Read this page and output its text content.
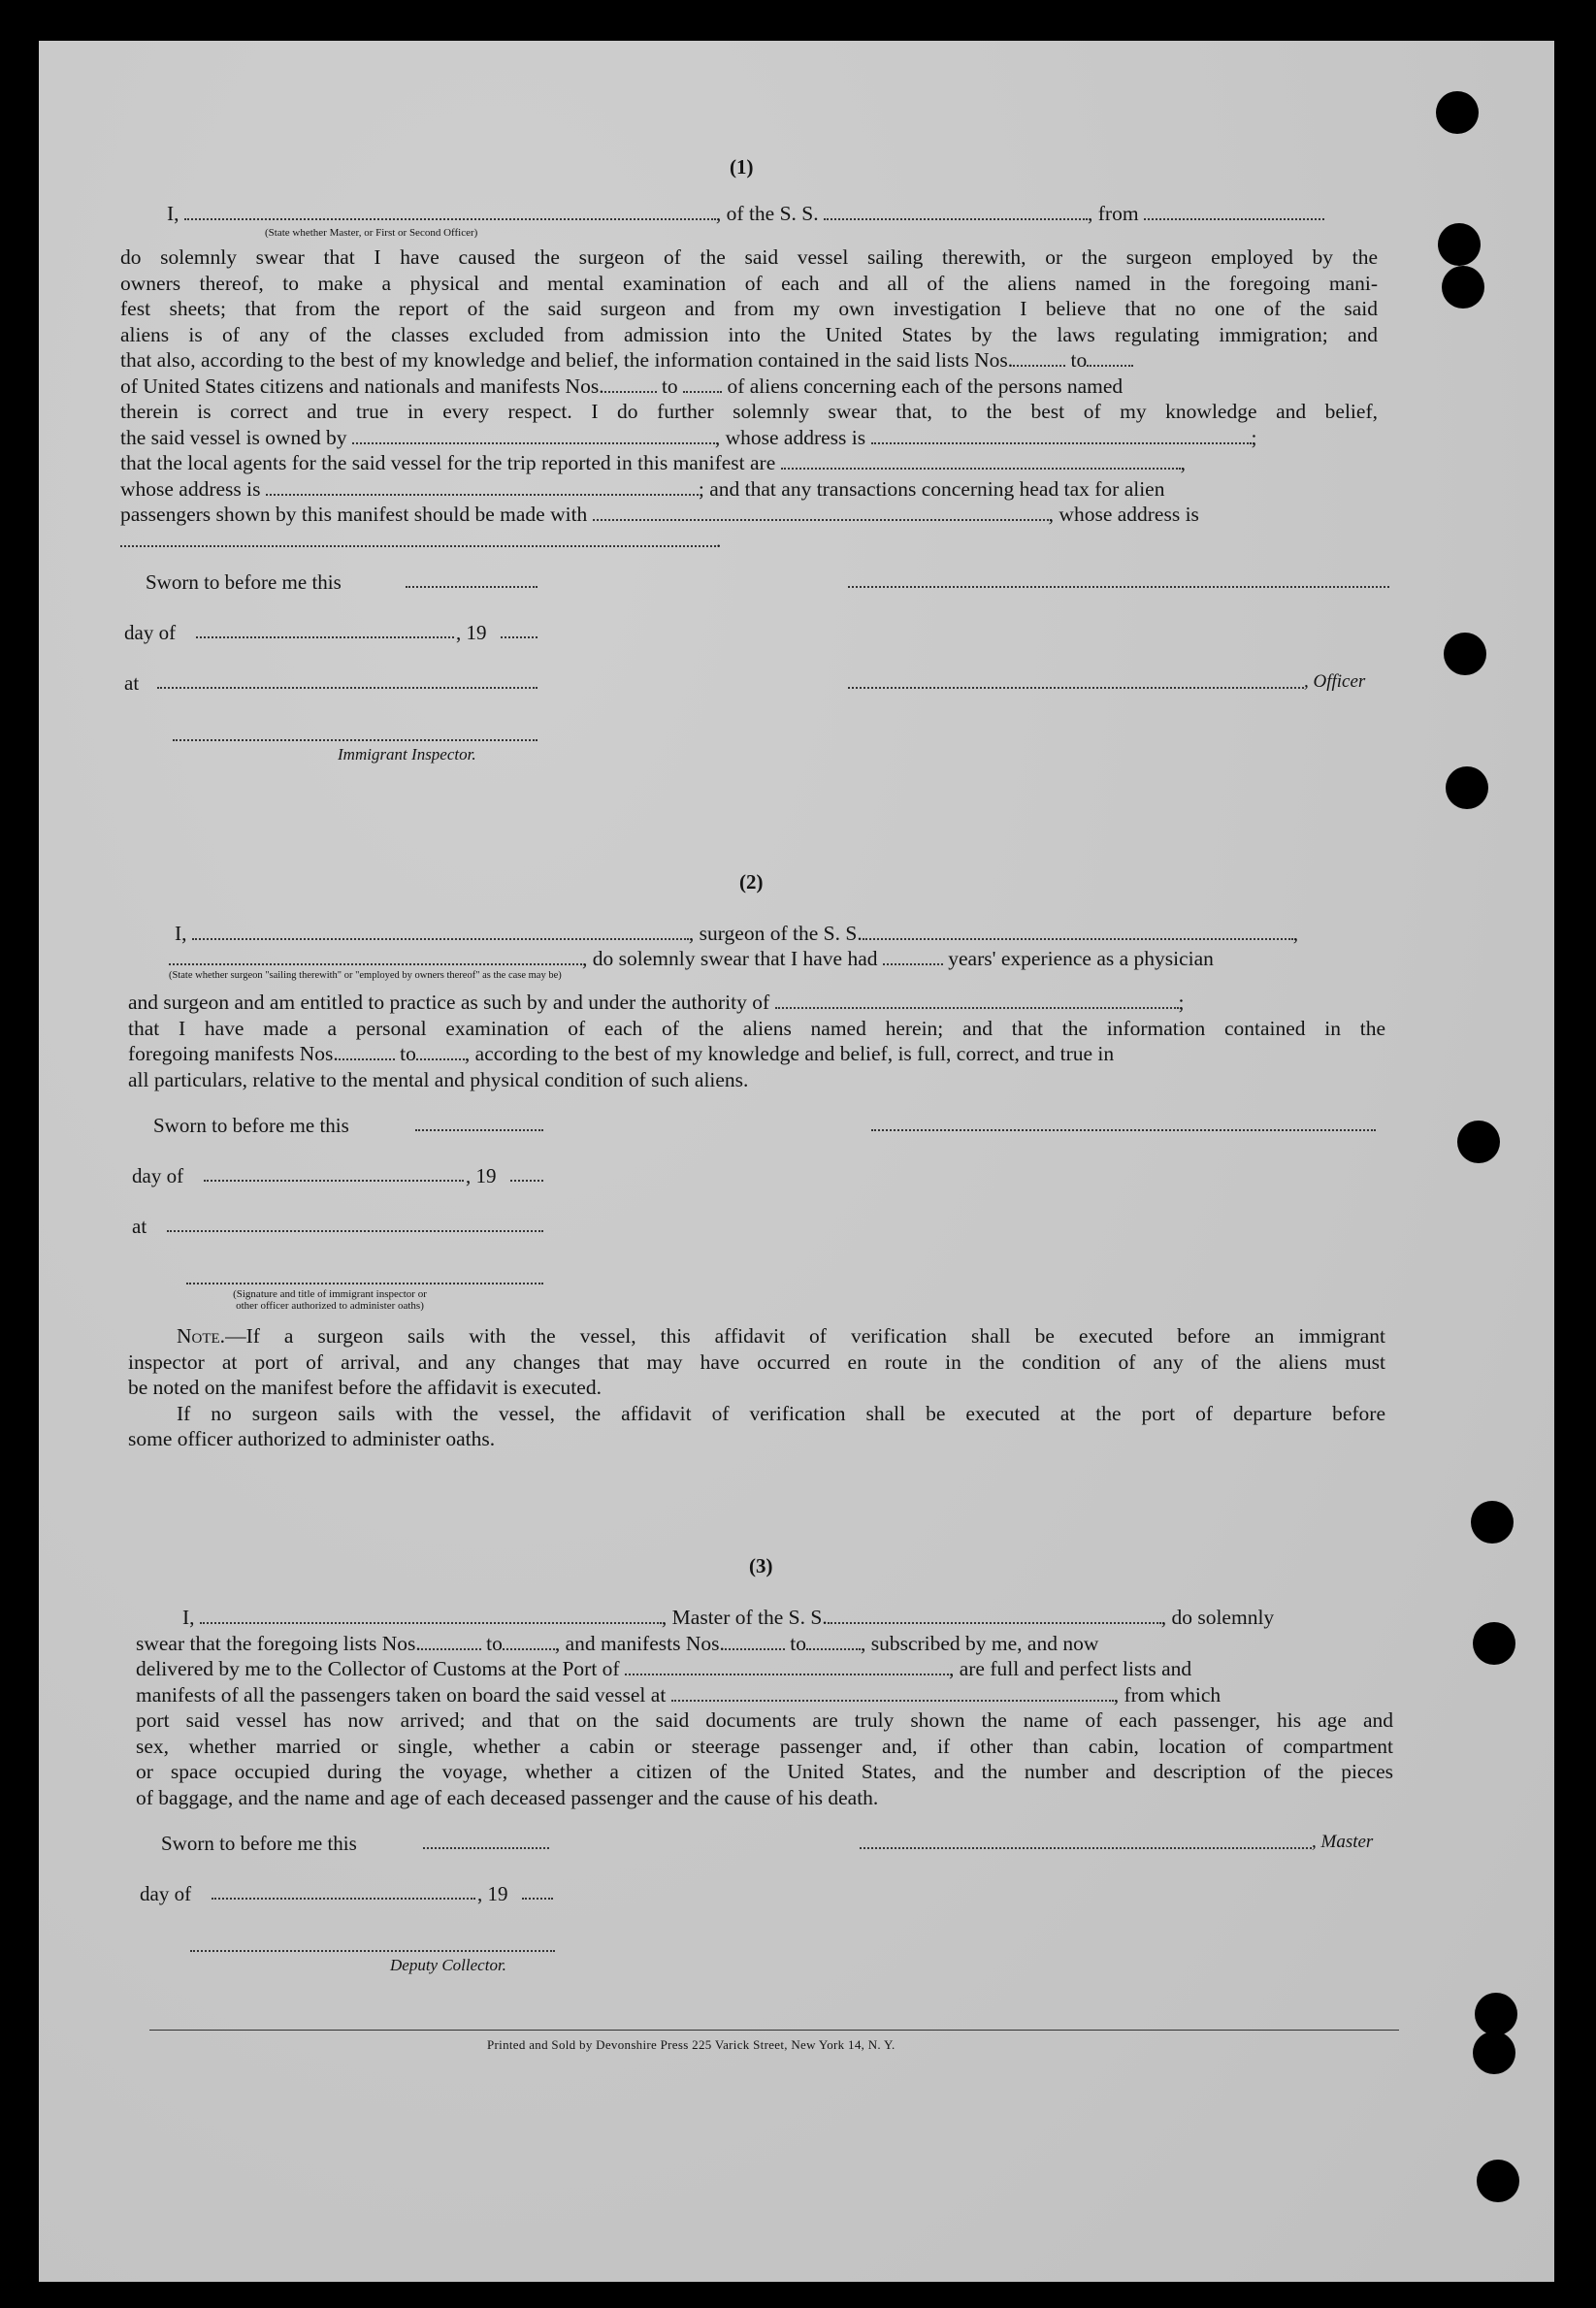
(1)
I,	, of the S. S.	, from
(State whether Master, or First or Second Officer)
do solemnly swear that I have caused the surgeon of the said vessel sailing therewith, or the surgeon employed by the
owners thereof, to make a physical and mental examination of each and all of the aliens named in the foregoing mani-
fest sheets; that from the report of the said surgeon and from my own investigation I believe that no one of the said
aliens is of any of the classes excluded from admission into the United States by the laws regulating immigration; and
that also, according to the best of my knowledge and belief, the information contained in the said lists Nos.	to
of United States citizens and nationals and manifests Nos.	to of aliens concerning each of the persons named
therein is correct and true in every respect. I do further solemnly swear that, to the best of my knowledge and belief,
the said vessel is owned by	, whose address is	;
that the local agents for the said vessel for the trip reported in this manifest are	,
whose address is	; and that any transactions concerning head tax for alien
passengers shown by this manifest should be made with	, whose address is
.
Sworn to before me this
day of	, 19
at	, Officer
Immigrant Inspector.
(2)
I,	, surgeon of the S. S.	,
, do solemnly swear that I have had	years' experience as a physician
(State whether surgeon "sailing therewith" or "employed by owners thereof" as the case may be)
and surgeon and am entitled to practice as such by and under the authority of	;
that I have made a personal examination of each of the aliens named herein; and that the information contained in the
foregoing manifests Nos.	to , according to the best of my knowledge and belief, is full, correct, and true in
all particulars, relative to the mental and physical condition of such aliens.
Sworn to before me this
day of	, 19
at
(Signature and title of immigrant inspector or
other officer authorized to administer oaths)
Note.—If a surgeon sails with the vessel, this affidavit of verification shall be executed before an immigrant
inspector at port of arrival, and any changes that may have occurred en route in the condition of any of the aliens must
be noted on the manifest before the affidavit is executed.
If no surgeon sails with the vessel, the affidavit of verification shall be executed at the port of departure before
some officer authorized to administer oaths.
(3)
I,	, Master of the S. S.	, do solemnly
swear that the foregoing lists Nos.	to	, and manifests Nos.	to	, subscribed by me, and now
delivered by me to the Collector of Customs at the Port of	, are full and perfect lists and
manifests of all the passengers taken on board the said vessel at	, from which
port said vessel has now arrived; and that on the said documents are truly shown the name of each passenger, his age and
sex, whether married or single, whether a cabin or steerage passenger and, if other than cabin, location of compartment
or space occupied during the voyage, whether a citizen of the United States, and the number and description of the pieces
of baggage, and the name and age of each deceased passenger and the cause of his death.
Sworn to before me this	, Master
day of	, 19
Deputy Collector.
Printed and Sold by Devonshire Press 225 Varick Street, New York 14, N. Y.
